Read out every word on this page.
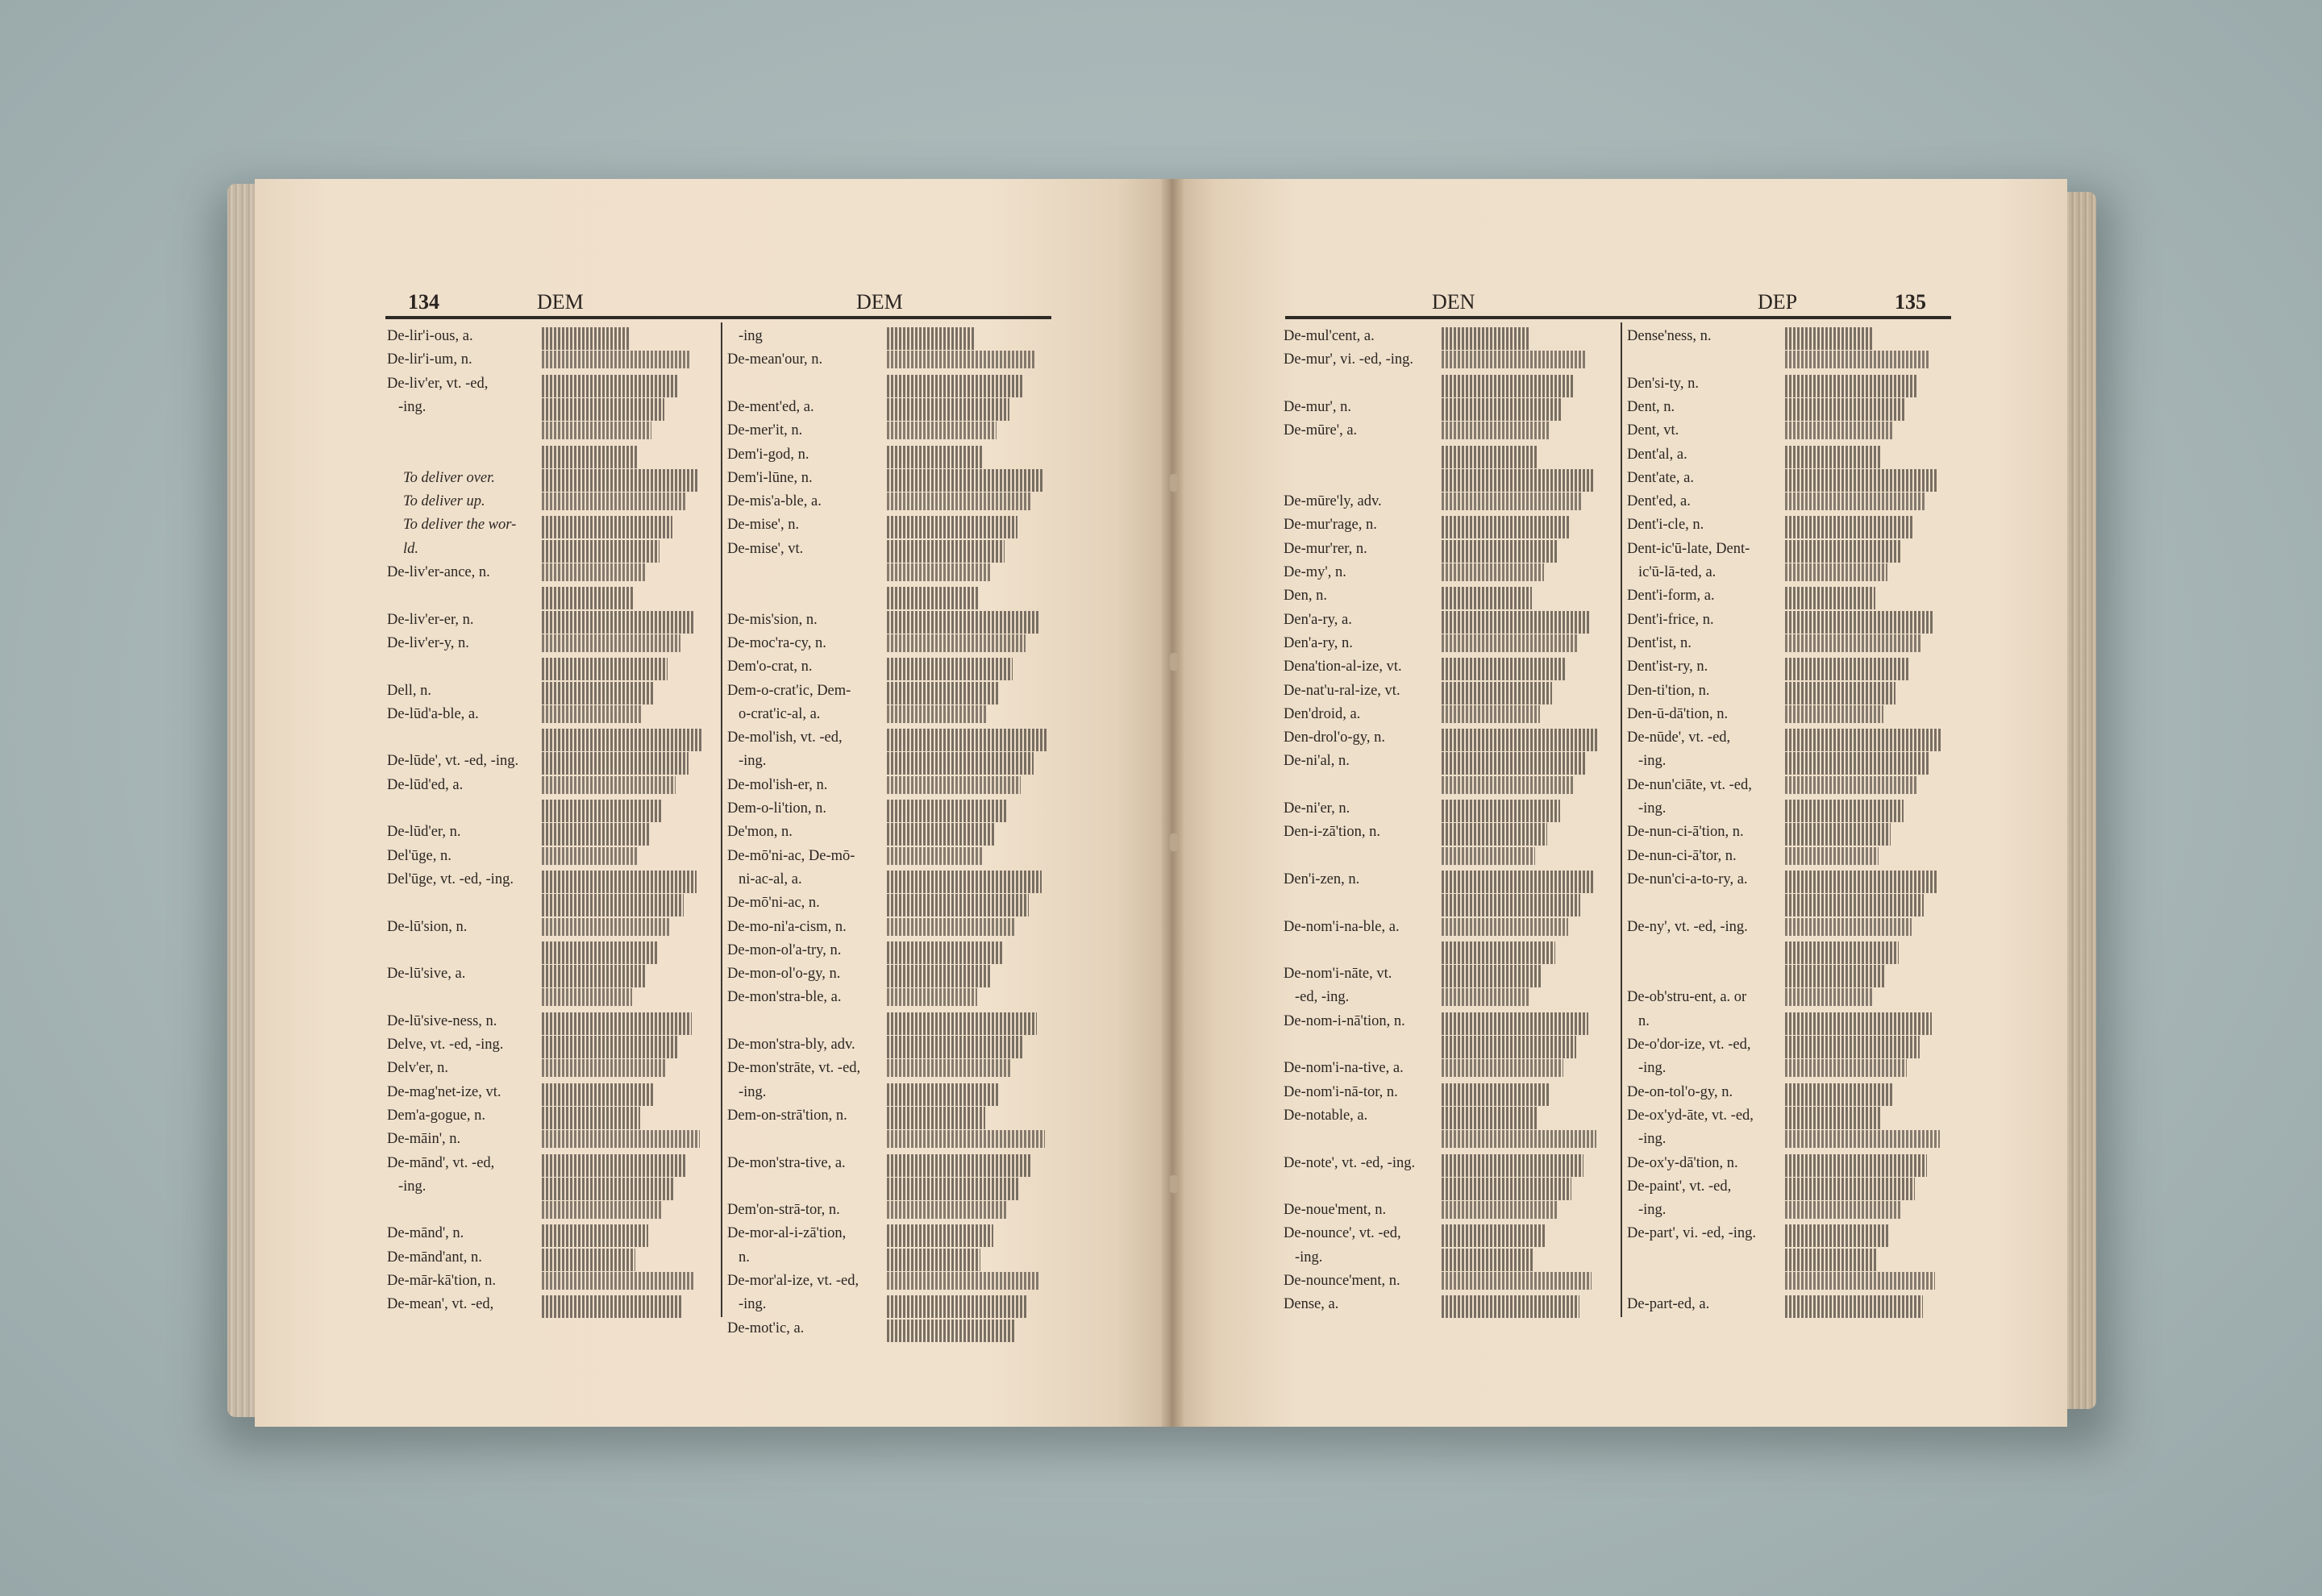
134	DEM	DEM	DEN	DEP	135
De-lir'i-ous, a.
De-lir'i-um, n.
De-liv'er, vt. -ed,
-ing.
To deliver over.
To deliver up.
To deliver the wor-
ld.
De-liv'er-ance, n.
De-liv'er-er, n.
De-liv'er-y, n.
Dell, n.
De-lūd'a-ble, a.
De-lūde', vt. -ed, -ing.
De-lūd'ed, a.
De-lūd'er, n.
Del'ūge, n.
Del'ūge, vt. -ed, -ing.
De-lū'sion, n.
De-lū'sive, a.
De-lū'sive-ness, n.
Delve, vt. -ed, -ing.
Delv'er, n.
De-mag'net-ize, vt.
Dem'a-gogue, n.
De-māin', n.
De-mānd', vt. -ed,
-ing.
De-mānd', n.
De-mānd'ant, n.
De-mār-kā'tion, n.
De-mean', vt. -ed,
-ing
De-mean'our, n.
De-ment'ed, a.
De-mer'it, n.
Dem'i-god, n.
Dem'i-lūne, n.
De-mis'a-ble, a.
De-mise', n.
De-mise', vt.
De-mis'sion, n.
De-moc'ra-cy, n.
Dem'o-crat, n.
Dem-o-crat'ic, Dem-
o-crat'ic-al, a.
De-mol'ish, vt. -ed,
-ing.
De-mol'ish-er, n.
Dem-o-li'tion, n.
De'mon, n.
De-mō'ni-ac, De-mō-
ni-ac-al, a.
De-mō'ni-ac, n.
De-mo-ni'a-cism, n.
De-mon-ol'a-try, n.
De-mon-ol'o-gy, n.
De-mon'stra-ble, a.
De-mon'stra-bly, adv.
De-mon'strāte, vt. -ed,
-ing.
Dem-on-strā'tion, n.
De-mon'stra-tive, a.
Dem'on-strā-tor, n.
De-mor-al-i-zā'tion,
n.
De-mor'al-ize, vt. -ed,
-ing.
De-mot'ic, a.
De-mul'cent, a.
De-mur', vi. -ed, -ing.
De-mur', n.
De-mūre', a.
De-mūre'ly, adv.
De-mur'rage, n.
De-mur'rer, n.
De-my', n.
Den, n.
Den'a-ry, a.
Den'a-ry, n.
Dena'tion-al-ize, vt.
De-nat'u-ral-ize, vt.
Den'droid, a.
Den-drol'o-gy, n.
De-ni'al, n.
De-ni'er, n.
Den-i-zā'tion, n.
Den'i-zen, n.
De-nom'i-na-ble, a.
De-nom'i-nāte, vt.
-ed, -ing.
De-nom-i-nā'tion, n.
De-nom'i-na-tive, a.
De-nom'i-nā-tor, n.
De-notable, a.
De-note', vt. -ed, -ing.
De-noue'ment, n.
De-nounce', vt. -ed,
-ing.
De-nounce'ment, n.
Dense, a.
Dense'ness, n.
Den'si-ty, n.
Dent, n.
Dent, vt.
Dent'al, a.
Dent'ate, a.
Dent'ed, a.
Dent'i-cle, n.
Dent-ic'ū-late, Dent-
ic'ū-lā-ted, a.
Dent'i-form, a.
Dent'i-frice, n.
Dent'ist, n.
Dent'ist-ry, n.
Den-ti'tion, n.
Den-ū-dā'tion, n.
De-nūde', vt. -ed,
-ing.
De-nun'ciāte, vt. -ed,
-ing.
De-nun-ci-ā'tion, n.
De-nun-ci-ā'tor, n.
De-nun'ci-a-to-ry, a.
De-ny', vt. -ed, -ing.
De-ob'stru-ent, a. or
n.
De-o'dor-ize, vt. -ed,
-ing.
De-on-tol'o-gy, n.
De-ox'yd-āte, vt. -ed,
-ing.
De-ox'y-dā'tion, n.
De-paint', vt. -ed,
-ing.
De-part', vi. -ed, -ing.
De-part-ed, a.
